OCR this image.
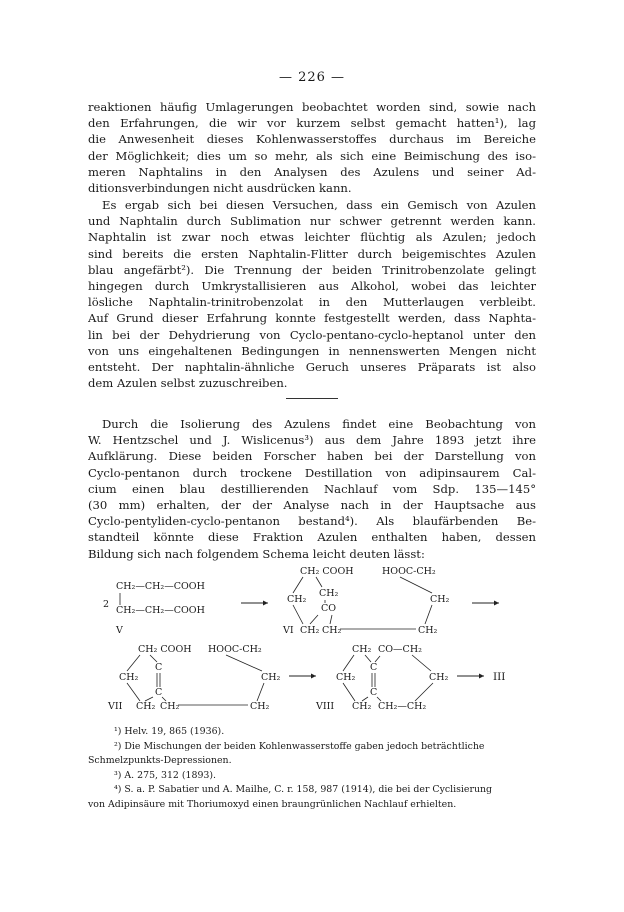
— 226 —
reaktionen häufig Umlagerungen beobachtet worden sind, sowie nach
den Erfahrungen, die wir vor kurzem selbst gemacht hatten¹), lag
die Anwesenheit dieses Kohlenwasserstoffes durchaus im Bereiche
der Möglichkeit; dies um so mehr, als sich eine Beimischung des iso-
meren Naphtalins in den Analysen des Azulens und seiner Ad-
ditionsverbindungen nicht ausdrücken kann.
Es ergab sich bei diesen Versuchen, dass ein Gemisch von Azulen
und Naphtalin durch Sublimation nur schwer getrennt werden kann.
Naphtalin ist zwar noch etwas leichter flüchtig als Azulen; jedoch
sind bereits die ersten Naphtalin-Flitter durch beigemischtes Azulen
blau angefärbt²). Die Trennung der beiden Trinitrobenzolate gelingt
hingegen durch Umkrystallisieren aus Alkohol, wobei das leichter
lösliche Naphtalin-trinitrobenzolat in den Mutterlaugen verbleibt.
Auf Grund dieser Erfahrung konnte festgestellt werden, dass Naphta-
lin bei der Dehydrierung von Cyclo-pentano-cyclo-heptanol unter den
von uns eingehaltenen Bedingungen in nennenswerten Mengen nicht
entsteht. Der naphtalin-ähnliche Geruch unseres Präparats ist also
dem Azulen selbst zuzuschreiben.
Durch die Isolierung des Azulens findet eine Beobachtung von
W. Hentzschel und J. Wislicenus³) aus dem Jahre 1893 jetzt ihre
Aufklärung. Diese beiden Forscher haben bei der Darstellung von
Cyclo-pentanon durch trockene Destillation von adipinsaurem Cal-
cium einen blau destillierenden Nachlauf vom Sdp. 135—145°
(30 mm) erhalten, der der Analyse nach in der Hauptsache aus
Cyclo-pentyliden-cyclo-pentanon bestand⁴). Als blaufärbenden Be-
standteil könnte diese Fraktion Azulen enthalten haben, dessen
Bildung sich nach folgendem Schema leicht deuten lässt:
2
CH₂—CH₂—COOH
CH₂—CH₂—COOH
V
CH₂ COOH	HOOC-CH₂
CH₂
CH₂
CO
CH₂
VI CH₂ CH₂	CH₂
CH₂ COOH HOOC-CH₂
CH₂
C
C
CH₂
VII CH₂ CH₂	CH₂
CH₂ CO—CH₂
CH₂
C
C
CH₂
VIII CH₂ CH₂—CH₂
III
¹) Helv. 19, 865 (1936).
²) Die Mischungen der beiden Kohlenwasserstoffe gaben jedoch beträchtliche
Schmelzpunkts-Depressionen.
³) A. 275, 312 (1893).
⁴) S. a. P. Sabatier und A. Mailhe, C. r. 158, 987 (1914), die bei der Cyclisierung
von Adipinsäure mit Thoriumoxyd einen braungrünlichen Nachlauf erhielten.
